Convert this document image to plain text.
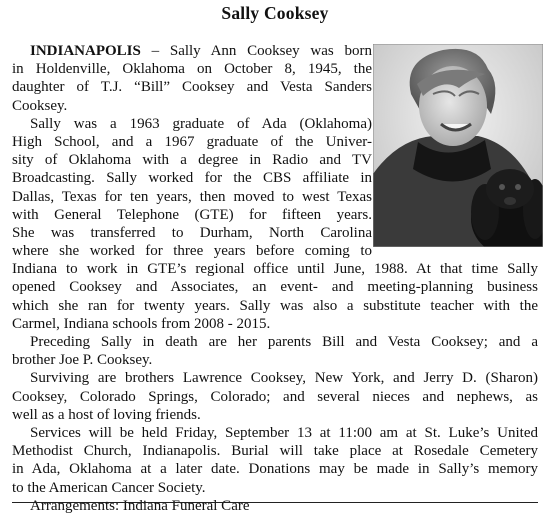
Sally Cooksey
INDIANAPOLIS – Sally Ann Cooksey was born
in Holdenville, Oklahoma on October 8, 1945, the
daughter of T.J. “Bill” Cooksey and Vesta Sanders
Cooksey.
Sally was a 1963 graduate of Ada (Oklahoma)
High School, and a 1967 graduate of the Univer-
sity of Oklahoma with a degree in Radio and TV
Broadcasting. Sally worked for the CBS affiliate in
Dallas, Texas for ten years, then moved to west Texas
with General Telephone (GTE) for fifteen years.
She was transferred to Durham, North Carolina
where she worked for three years before coming to
Indiana to work in GTE’s regional office until June, 1988. At that time Sally
opened Cooksey and Associates, an event- and meeting-planning business
which she ran for twenty years. Sally was also a substitute teacher with the
Carmel, Indiana schools from 2008 - 2015.
Preceding Sally in death are her parents Bill and Vesta Cooksey; and a
brother Joe P. Cooksey.
Surviving are brothers Lawrence Cooksey, New York, and Jerry D. (Sharon)
Cooksey, Colorado Springs, Colorado; and several nieces and nephews, as
well as a host of loving friends.
Services will be held Friday, September 13 at 11:00 am at St. Luke’s United
Methodist Church, Indianapolis. Burial will take place at Rosedale Cemetery
in Ada, Oklahoma at a later date. Donations may be made in Sally’s memory
to the American Cancer Society.
Arrangements: Indiana Funeral Care
